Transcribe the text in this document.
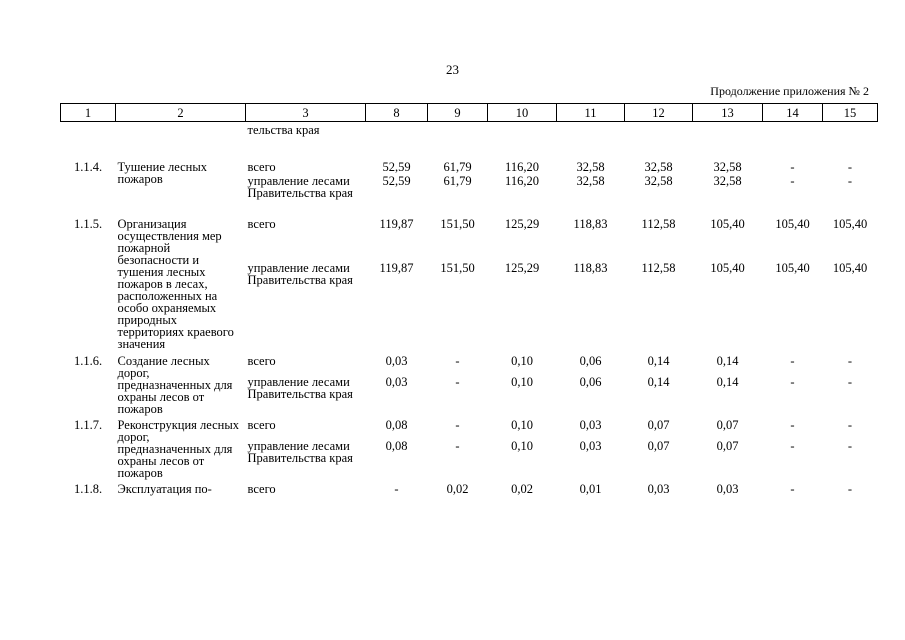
23
Продолжение приложения № 2
1	2	3	8	9	10	11	12	13	14	15
		тельства края								

1.1.4.	Тушение лесных пожаров	всего	52,59	61,79	116,20	32,58	32,58	32,58	-	-
		управление лесами Правительства края	52,59	61,79	116,20	32,58	32,58	32,58	-	-

1.1.5.	Организация осуществления мер пожарной безопасности и тушения лесных пожаров в лесах, расположенных на особо охраняемых природных территориях краевого значения	всего	119,87	151,50	125,29	118,83	112,58	105,40	105,40	105,40
		управление лесами Правительства края	119,87	151,50	125,29	118,83	112,58	105,40	105,40	105,40

1.1.6.	Создание лесных дорог, предназначенных для охраны лесов от пожаров	всего	0,03	-	0,10	0,06	0,14	0,14	-	-
		управление лесами Правительства края	0,03	-	0,10	0,06	0,14	0,14	-	-

1.1.7.	Реконструкция лесных дорог, предназначенных для охраны лесов от пожаров	всего	0,08	-	0,10	0,03	0,07	0,07	-	-
		управление лесами Правительства края	0,08	-	0,10	0,03	0,07	0,07	-	-

1.1.8.	Эксплуатация по-	всего	-	0,02	0,02	0,01	0,03	0,03	-	-
